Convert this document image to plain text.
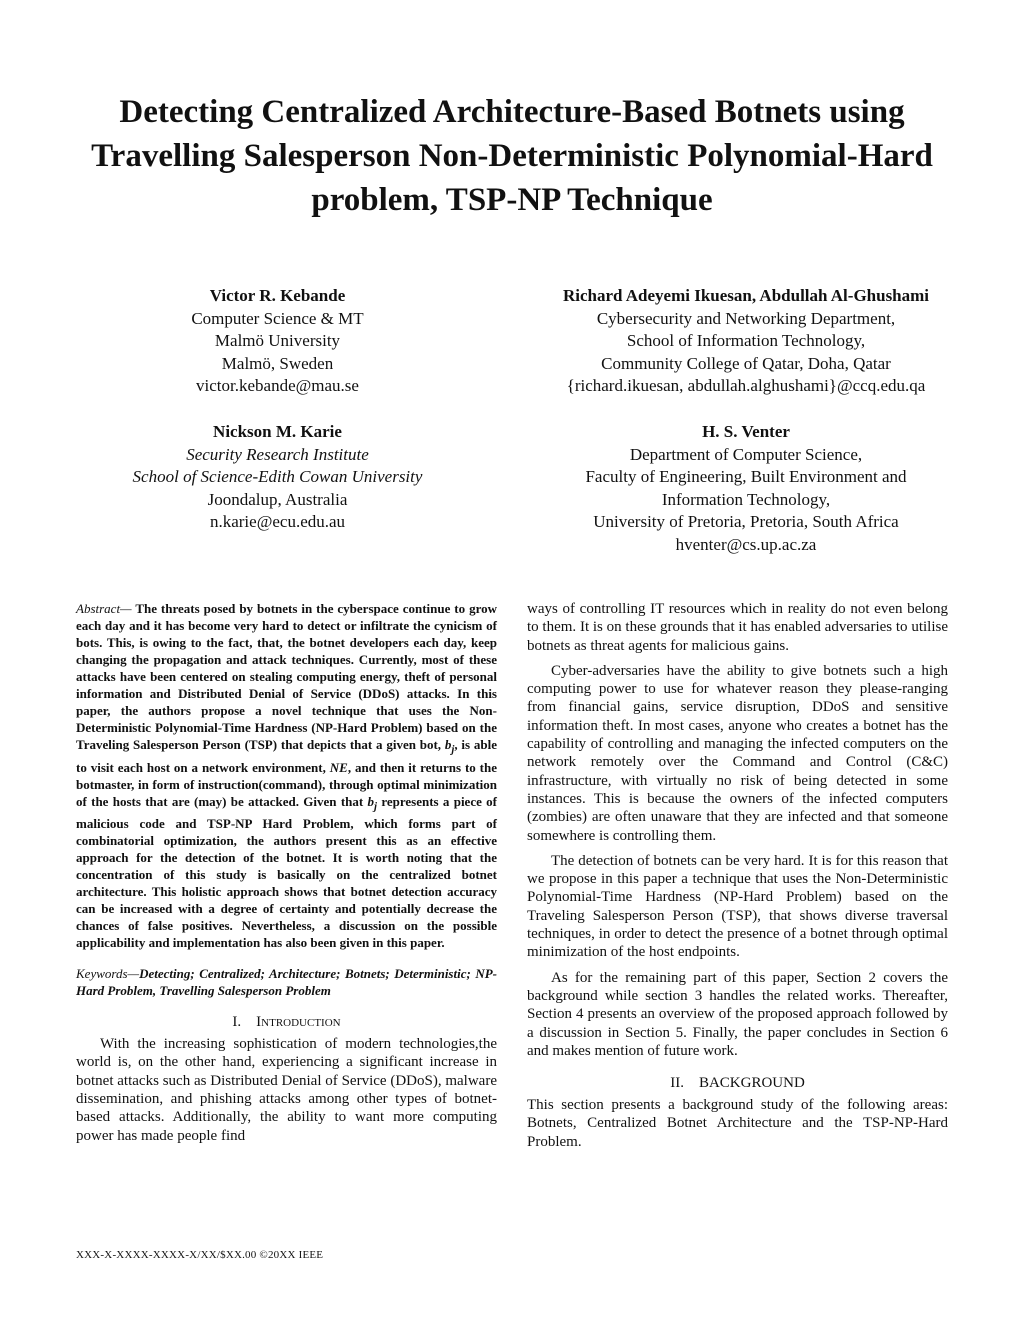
Detecting Centralized Architecture-Based Botnets using
Travelling Salesperson Non-Deterministic Polynomial-Hard
problem, TSP-NP Technique
Victor R. Kebande
Computer Science & MT
Malmö University
Malmö, Sweden
victor.kebande@mau.se
Richard Adeyemi Ikuesan, Abdullah Al-Ghushami
Cybersecurity and Networking Department,
School of Information Technology,
Community College of Qatar, Doha, Qatar
{richard.ikuesan, abdullah.alghushami}@ccq.edu.qa
Nickson M. Karie
Security Research Institute
School of Science-Edith Cowan University
Joondalup, Australia
n.karie@ecu.edu.au
H. S. Venter
Department of Computer Science,
Faculty of Engineering, Built Environment and
Information Technology,
University of Pretoria, Pretoria, South Africa
hventer@cs.up.ac.za

Abstract— The threats posed by botnets in the cyberspace continue to grow each day and it has become very hard to detect or infiltrate the cynicism of bots. This, is owing to the fact, that, the botnet developers each day, keep changing the propagation and attack techniques. Currently, most of these attacks have been centered on stealing computing energy, theft of personal information and Distributed Denial of Service (DDoS) attacks. In this paper, the authors propose a novel technique that uses the Non-Deterministic Polynomial-Time Hardness (NP-Hard Problem) based on the Traveling Salesperson Person (TSP) that depicts that a given bot, $b_j$, is able to visit each host on a network environment, NE, and then it returns to the botmaster, in form of instruction(command), through optimal minimization of the hosts that are (may) be attacked. Given that $b_j$ represents a piece of malicious code and TSP-NP Hard Problem, which forms part of combinatorial optimization, the authors present this as an effective approach for the detection of the botnet. It is worth noting that the concentration of this study is basically on the centralized botnet architecture. This holistic approach shows that botnet detection accuracy can be increased with a degree of certainty and potentially decrease the chances of false positives. Nevertheless, a discussion on the possible applicability and implementation has also been given in this paper.

Keywords—Detecting; Centralized; Architecture; Botnets; Deterministic; NP-Hard Problem, Travelling Salesperson Problem

I. Introduction

With the increasing sophistication of modern technologies,the world is, on the other hand, experiencing a significant increase in botnet attacks such as Distributed Denial of Service (DDoS), malware dissemination, and phishing attacks among other types of botnet-based attacks. Additionally, the ability to want more computing power has made people find

ways of controlling IT resources which in reality do not even belong to them. It is on these grounds that it has enabled adversaries to utilise botnets as threat agents for malicious gains.

Cyber-adversaries have the ability to give botnets such a high computing power to use for whatever reason they please-ranging from financial gains, service disruption, DDoS and sensitive information theft. In most cases, anyone who creates a botnet has the capability of controlling and managing the infected computers on the network remotely over the Command and Control (C&C) infrastructure, with virtually no risk of being detected in some instances. This is because the owners of the infected computers (zombies) are often unaware that they are infected and that someone somewhere is controlling them.

The detection of botnets can be very hard. It is for this reason that we propose in this paper a technique that uses the Non-Deterministic Polynomial-Time Hardness (NP-Hard Problem) based on the Traveling Salesperson Person (TSP), that shows diverse traversal techniques, in order to detect the presence of a botnet through optimal minimization of the host endpoints.

As for the remaining part of this paper, Section 2 covers the background while section 3 handles the related works. Thereafter, Section 4 presents an overview of the proposed approach followed by a discussion in Section 5. Finally, the paper concludes in Section 6 and makes mention of future work.

II. BACKGROUND

This section presents a background study of the following areas: Botnets, Centralized Botnet Architecture and the TSP-NP-Hard Problem.

XXX-X-XXXX-XXXX-X/XX/$XX.00 ©20XX IEEE
